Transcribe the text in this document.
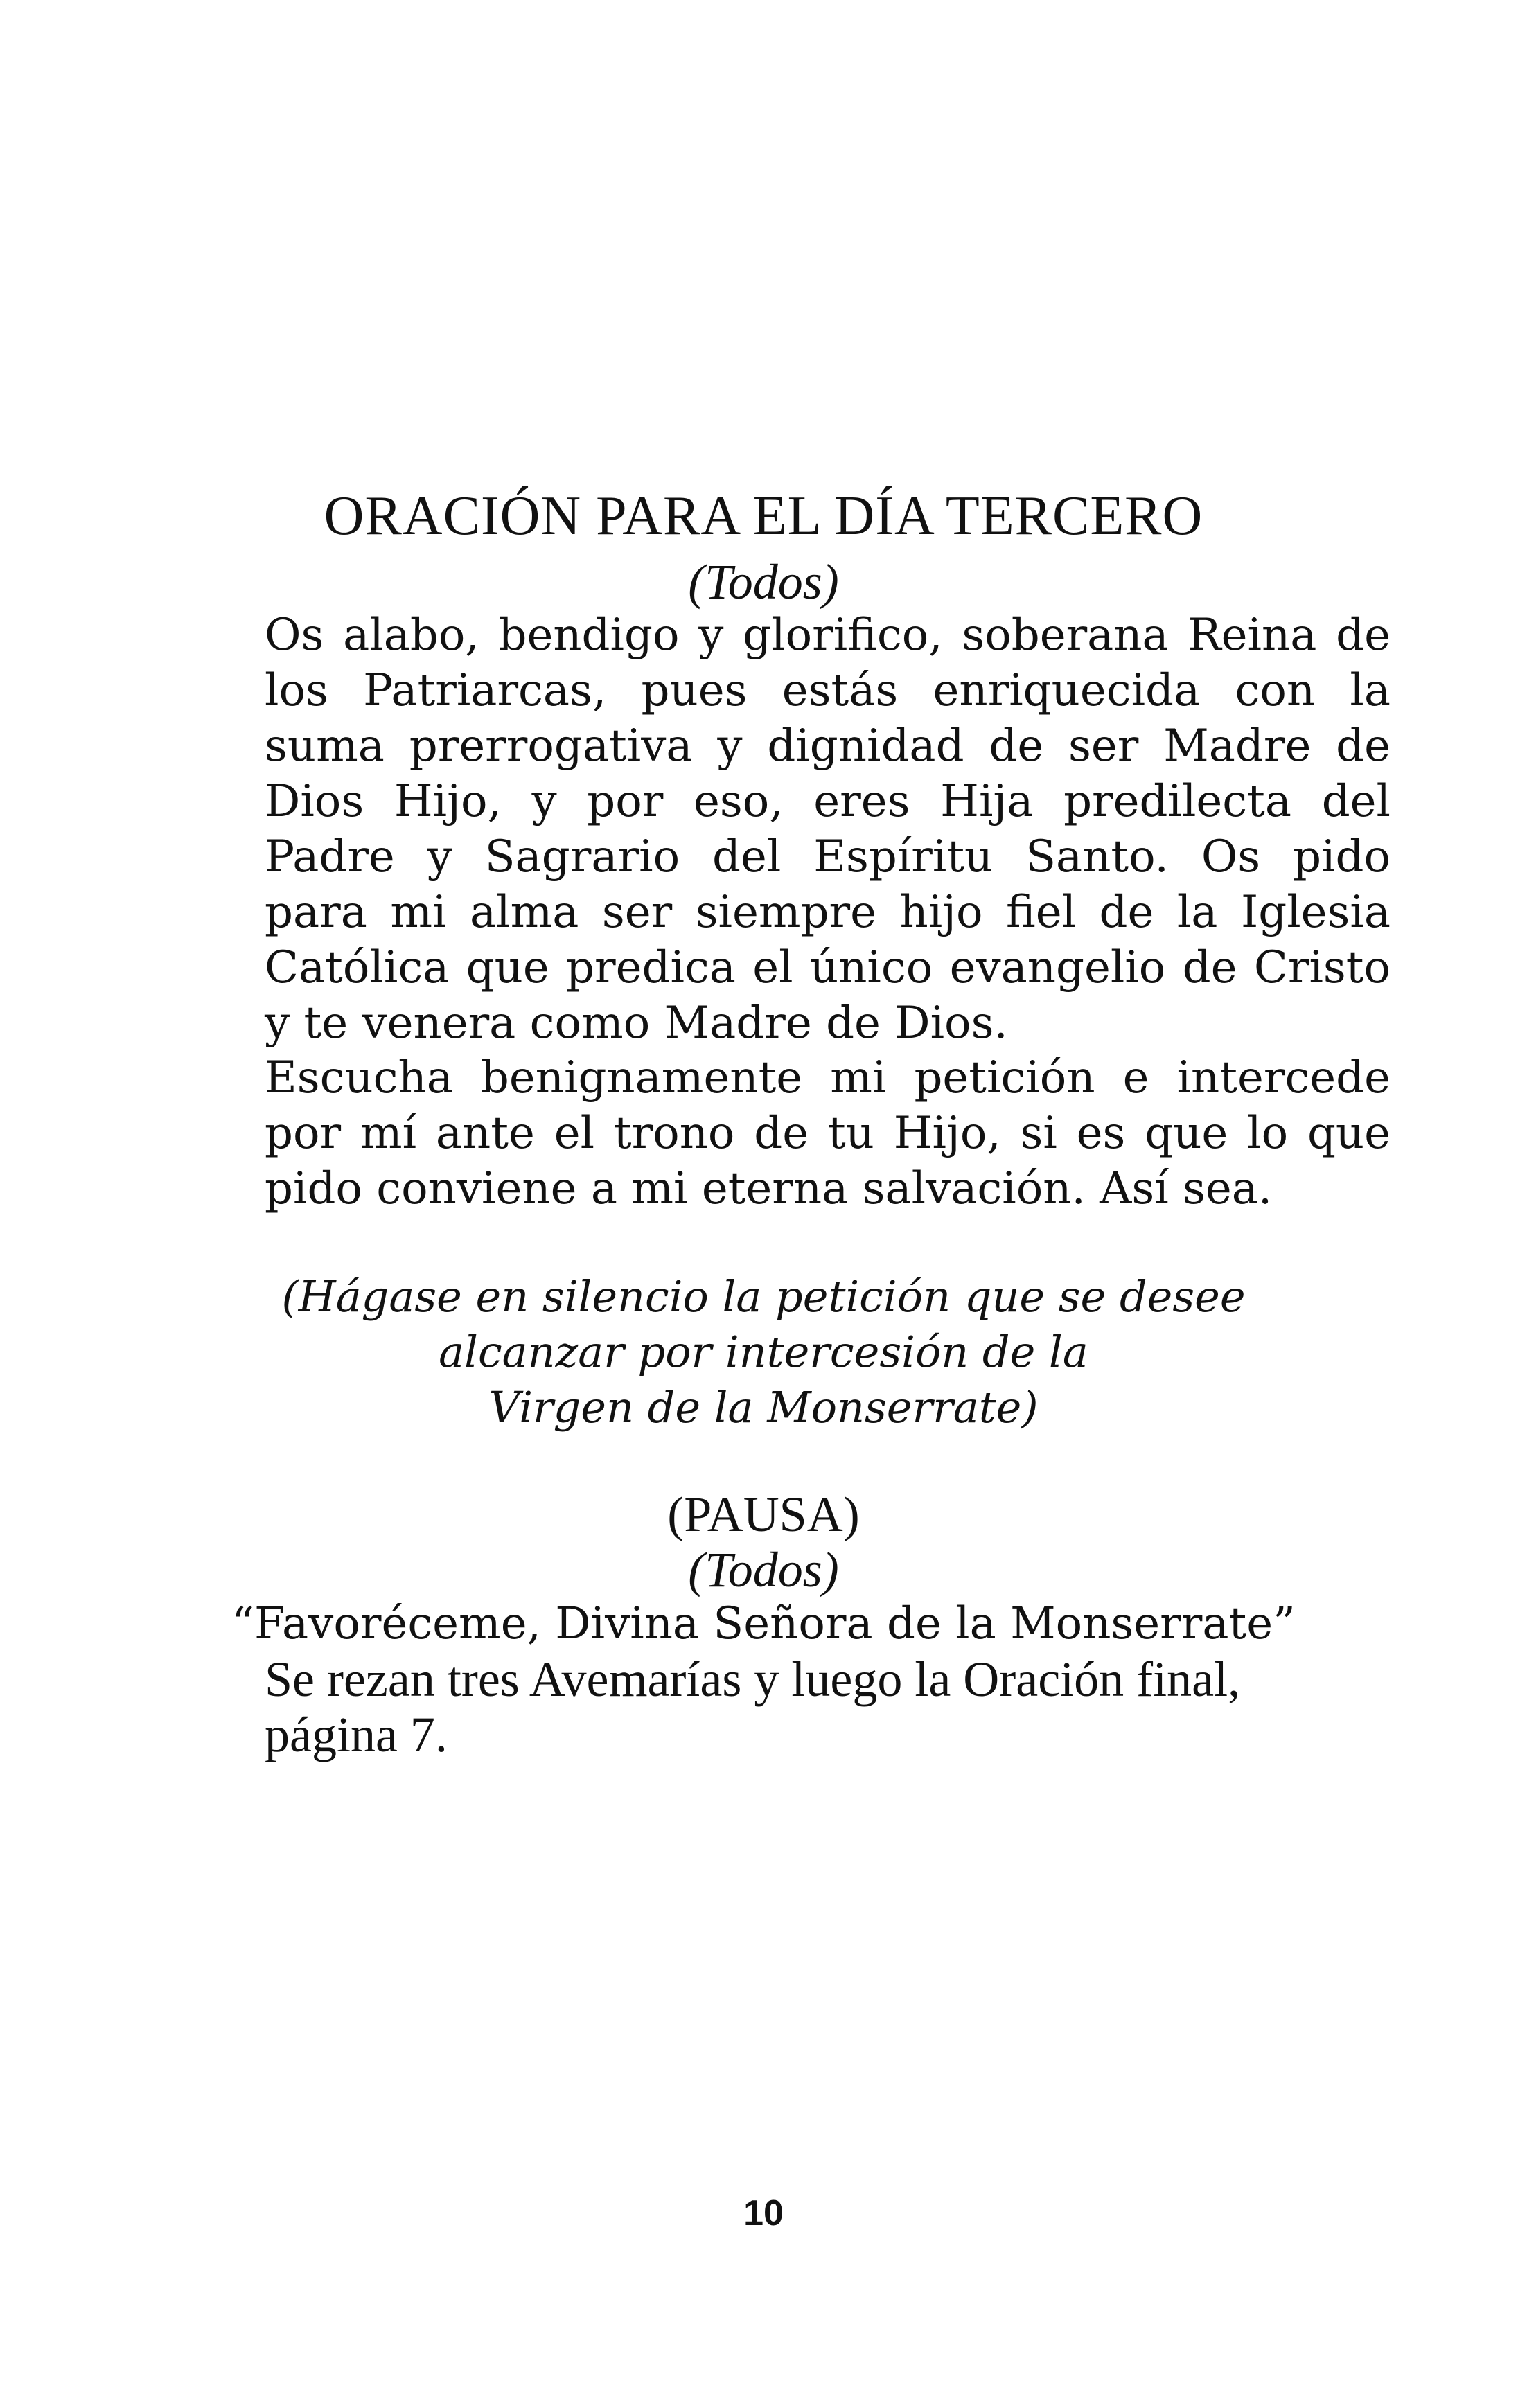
ORACIÓN PARA EL DÍA TERCERO
(Todos)
Os alabo, bendigo y glorifico, soberana Reina de
los Patriarcas, pues estás enriquecida con la
suma prerrogativa y dignidad de ser Madre de
Dios Hijo, y por eso, eres Hija predilecta del
Padre y Sagrario del Espíritu Santo. Os pido
para mi alma ser siempre hijo fiel de la Iglesia
Católica que predica el único evangelio de Cristo
y te venera como Madre de Dios.
Escucha benignamente mi petición e intercede
por mí ante el trono de tu Hijo, si es que lo que
pido conviene a mi eterna salvación. Así sea.
(Hágase en silencio la petición que se desee
alcanzar por intercesión de la
Virgen de la Monserrate)
(PAUSA)
(Todos)
“Favoréceme, Divina Señora de la Monserrate”
Se rezan tres Avemarías y luego la Oración final,
página 7.
10
